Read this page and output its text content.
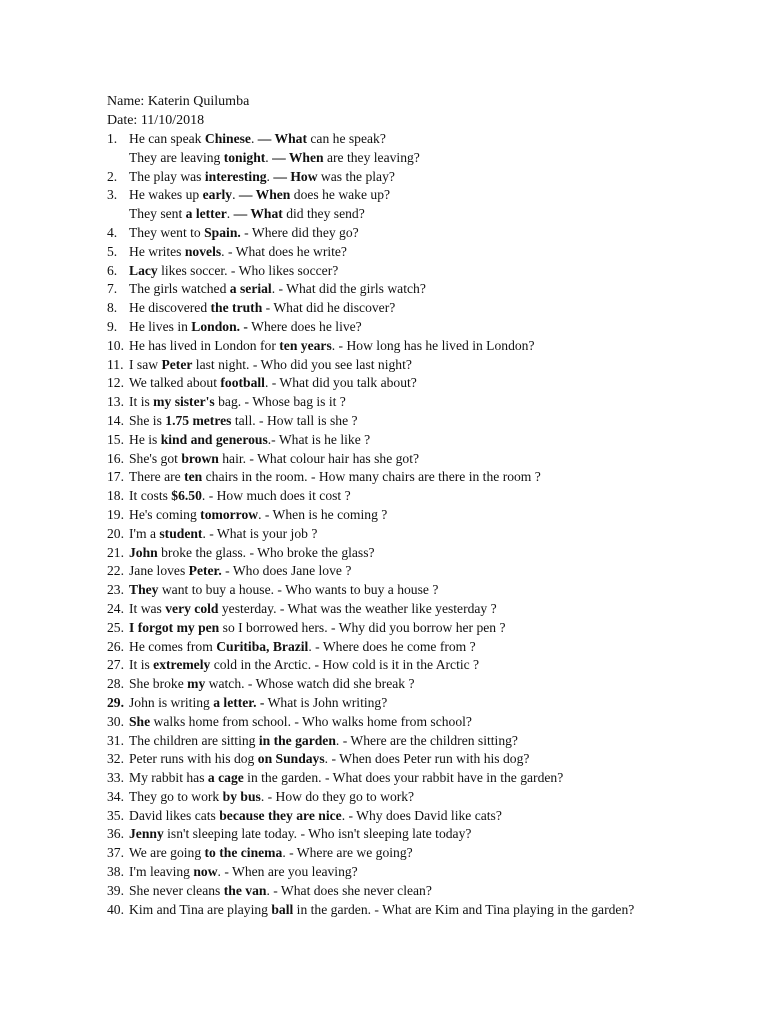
Name: Katerin Quilumba
Date: 11/10/2018
1. He can speak Chinese. — What can he speak?
They are leaving tonight. — When are they leaving?
2. The play was interesting. — How was the play?
3. He wakes up early. — When does he wake up?
They sent a letter. — What did they send?
4. They went to Spain. - Where did they go?
5. He writes novels. - What does he write?
6. Lacy likes soccer. - Who likes soccer?
7. The girls watched a serial. - What did the girls watch?
8. He discovered the truth - What did he discover?
9. He lives in London. - Where does he live?
10. He has lived in London for ten years. - How long has he lived in London?
11. I saw Peter last night. - Who did you see last night?
12. We talked about football. - What did you talk about?
13. It is my sister's bag. - Whose bag is it ?
14. She is 1.75 metres tall. - How tall is she ?
15. He is kind and generous.- What is he like ?
16. She's got brown hair. - What colour hair has she got?
17. There are ten chairs in the room. - How many chairs are there in the room ?
18. It costs $6.50. - How much does it cost ?
19. He's coming tomorrow. - When is he coming ?
20. I'm a student. - What is your job ?
21. John broke the glass. - Who broke the glass?
22. Jane loves Peter. - Who does Jane love ?
23. They want to buy a house. - Who wants to buy a house ?
24. It was very cold yesterday. - What was the weather like yesterday ?
25. I forgot my pen so I borrowed hers. - Why did you borrow her pen ?
26. He comes from Curitiba, Brazil. - Where does he come from ?
27. It is extremely cold in the Arctic. - How cold is it in the Arctic ?
28. She broke my watch. - Whose watch did she break ?
29. John is writing a letter. - What is John writing?
30. She walks home from school. - Who walks home from school?
31. The children are sitting in the garden. - Where are the children sitting?
32. Peter runs with his dog on Sundays. - When does Peter run with his dog?
33. My rabbit has a cage in the garden. - What does your rabbit have in the garden?
34. They go to work by bus. - How do they go to work?
35. David likes cats because they are nice. - Why does David like cats?
36. Jenny isn't sleeping late today. - Who isn't sleeping late today?
37. We are going to the cinema. - Where are we going?
38. I'm leaving now. - When are you leaving?
39. She never cleans the van. - What does she never clean?
40. Kim and Tina are playing ball in the garden. - What are Kim and Tina playing in the garden?
